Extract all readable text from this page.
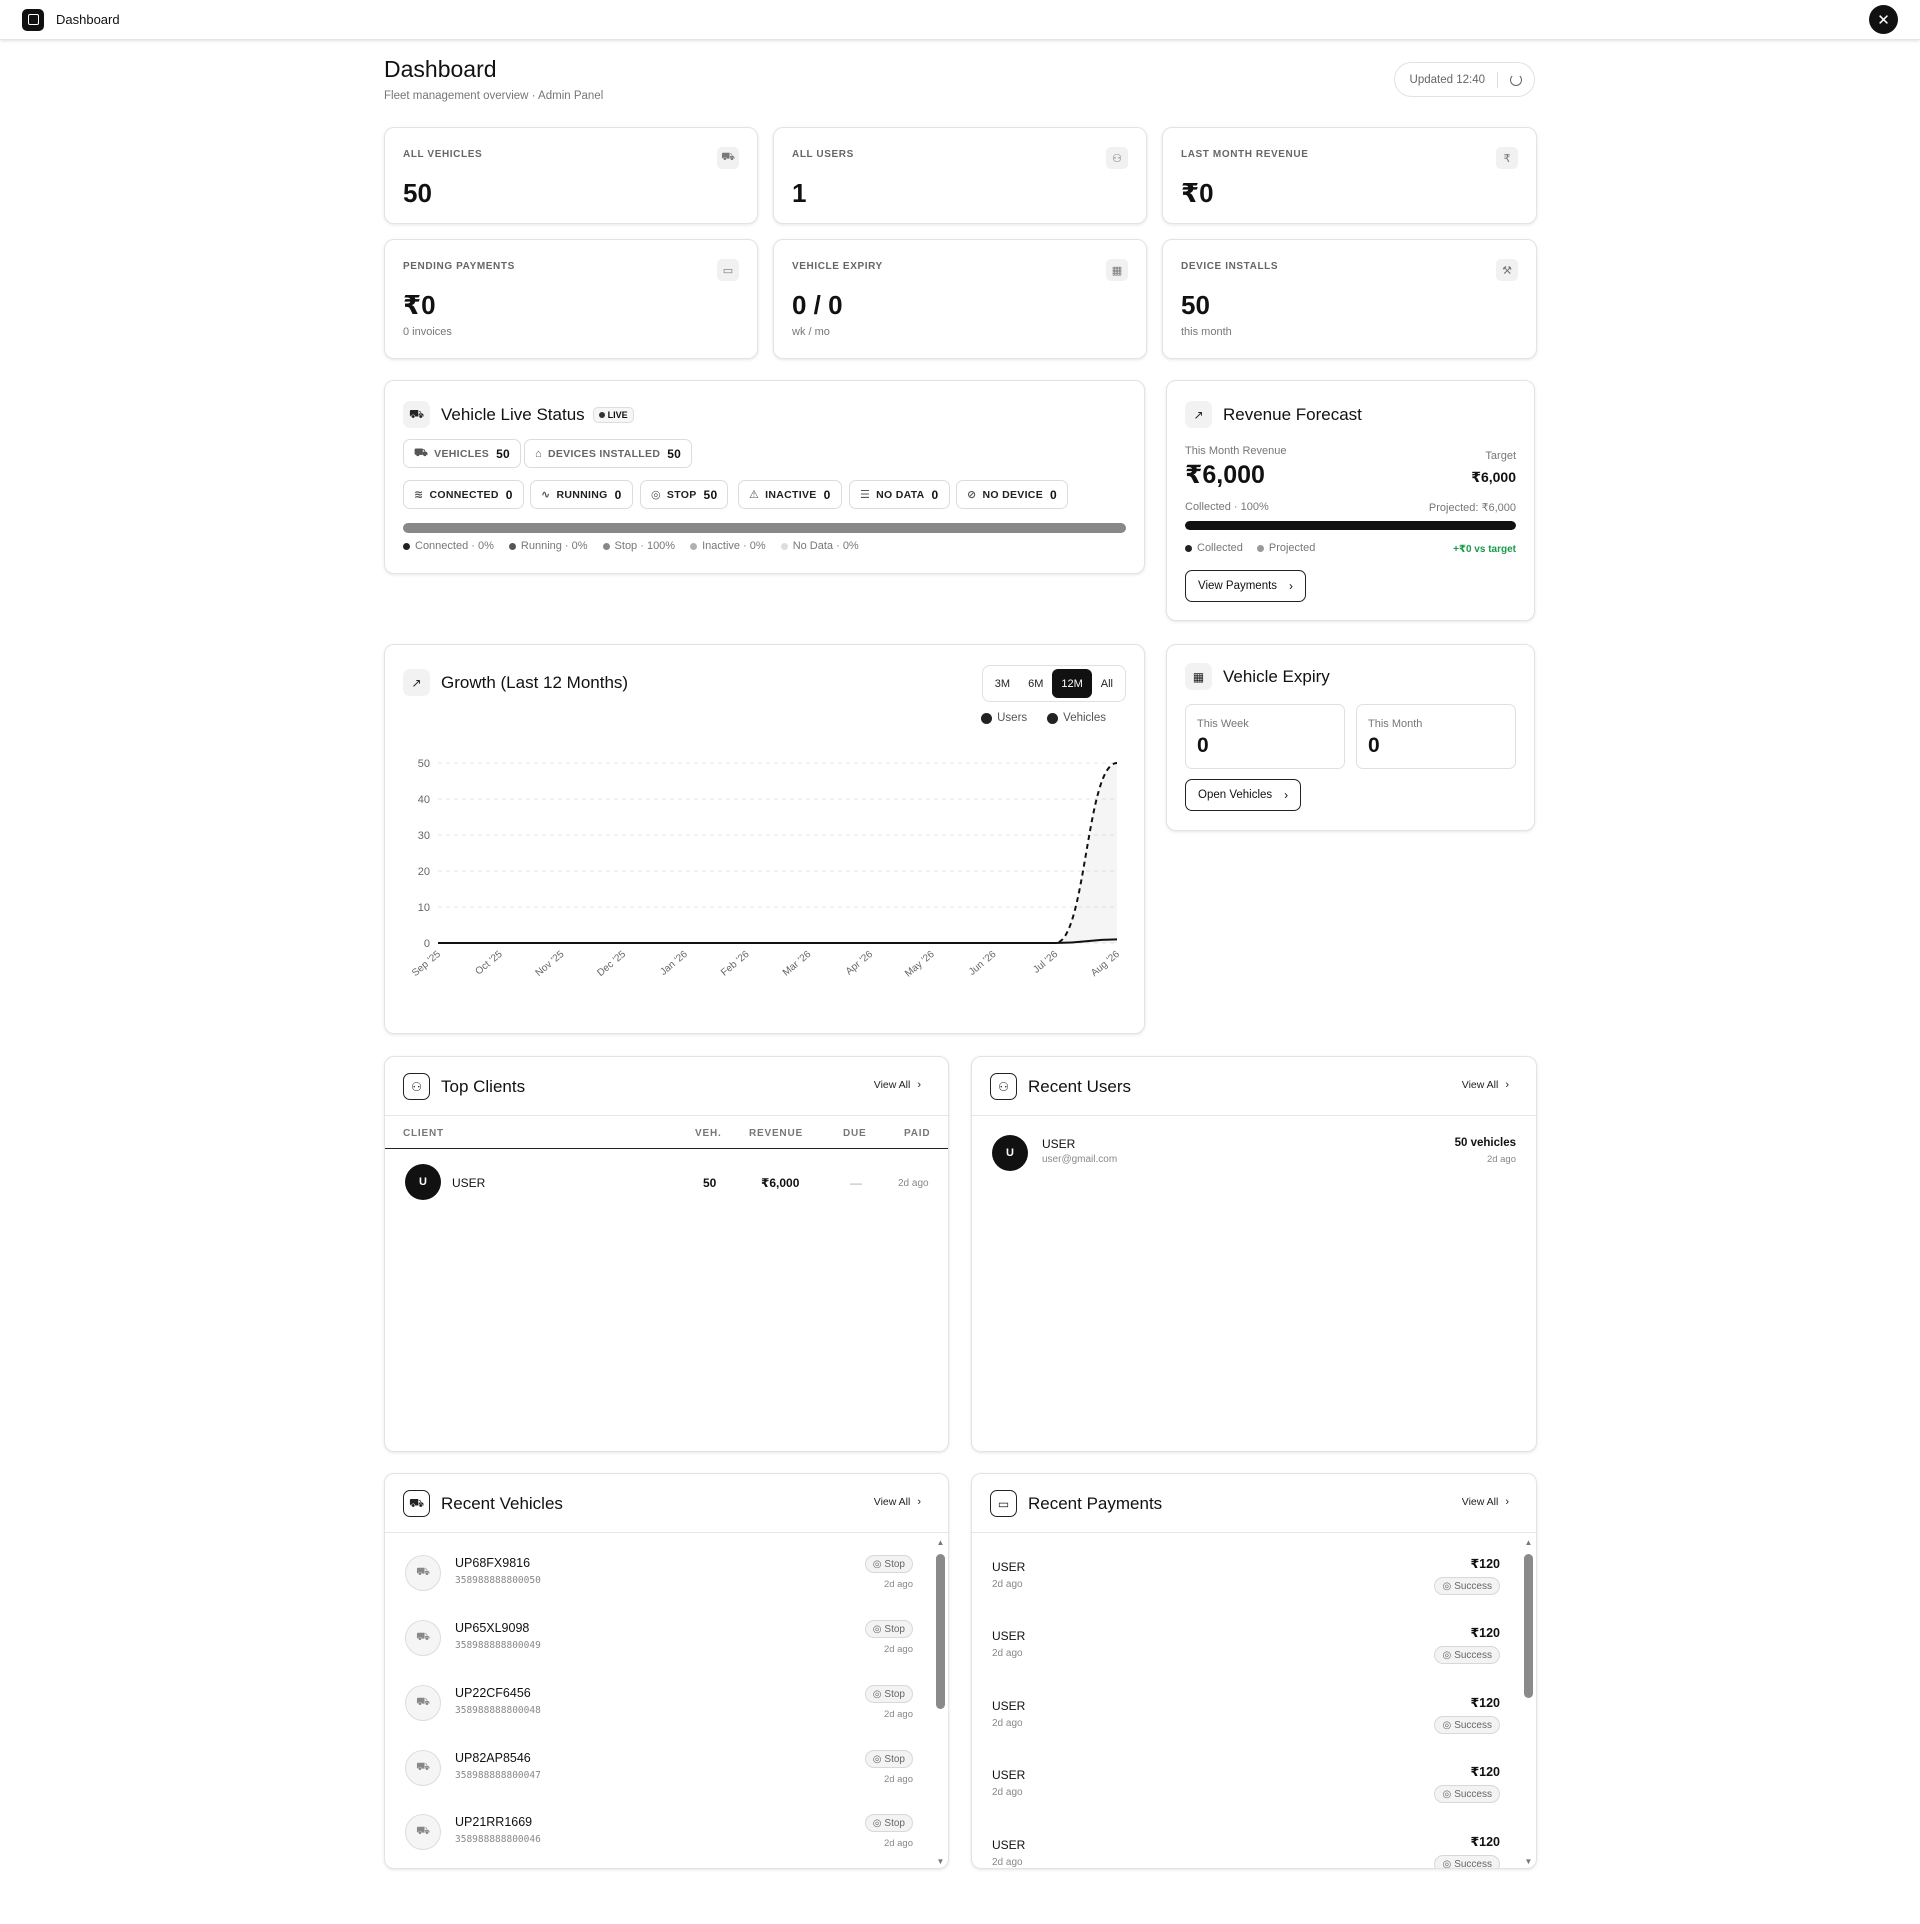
Dashboard	✕
Dashboard
Fleet management overview · Admin Panel
Updated 12:40
ALL VEHICLES
50
⛟	ALL USERS
1
⚇	LAST MONTH REVENUE
₹0
₹
PENDING PAYMENTS
₹0
0 invoices
▭	VEHICLE EXPIRY
0 / 0
wk / mo
▦	DEVICE INSTALLS
50
this month
⚒
⛟ Vehicle Live Status	LIVE
⛟ VEHICLES 50 ⌂ DEVICES INSTALLED 50
≋ CONNECTED 0	∿ RUNNING 0	◎ STOP 50	⚠ INACTIVE 0	☰ NO DATA 0	⊘ NO DEVICE 0
Connected · 0% Running · 0% Stop · 100% Inactive · 0% No Data · 0%
↗	Revenue Forecast
This Month Revenue
₹6,000
Target
₹6,000
Collected · 100%	Projected: ₹6,000
Collected Projected	+₹0 vs target
View Payments ›
↗	Growth (Last 12 Months)	3M	6M	12M	All
Users	Vehicles
0
10
20
30
40
50
Sep '25	Oct '25	Nov '25	Dec '25	Jan '26	Feb '26	Mar '26	Apr '26	May '26	Jun '26	Jul '26	Aug '26
▦	Vehicle Expiry
This Week
0
This Month
0
Open Vehicles ›
⚇	Top Clients	View All ›
CLIENT	VEH.	REVENUE	DUE	PAID
U	USER	50	₹6,000	—	2d ago
⚇	Recent Users	View All ›
U
USER
user@gmail.com
50 vehicles
2d ago
⛟ Recent Vehicles	View All ›
⛟
UP68FX9816
358988888800050
◎ Stop
2d ago
⛟
UP65XL9098
358988888800049
◎ Stop
2d ago
⛟
UP22CF6456
358988888800048
◎ Stop
2d ago
⛟
UP82AP8546
358988888800047
◎ Stop
2d ago
⛟
UP21RR1669
358988888800046
◎ Stop
2d ago
▲
▼
▭	Recent Payments	View All ›
USER
2d ago
₹120
◎ Success
USER
2d ago
₹120
◎ Success
USER
2d ago
₹120
◎ Success
USER
2d ago
₹120
◎ Success
USER
2d ago
₹120
◎ Success
▲
▼
